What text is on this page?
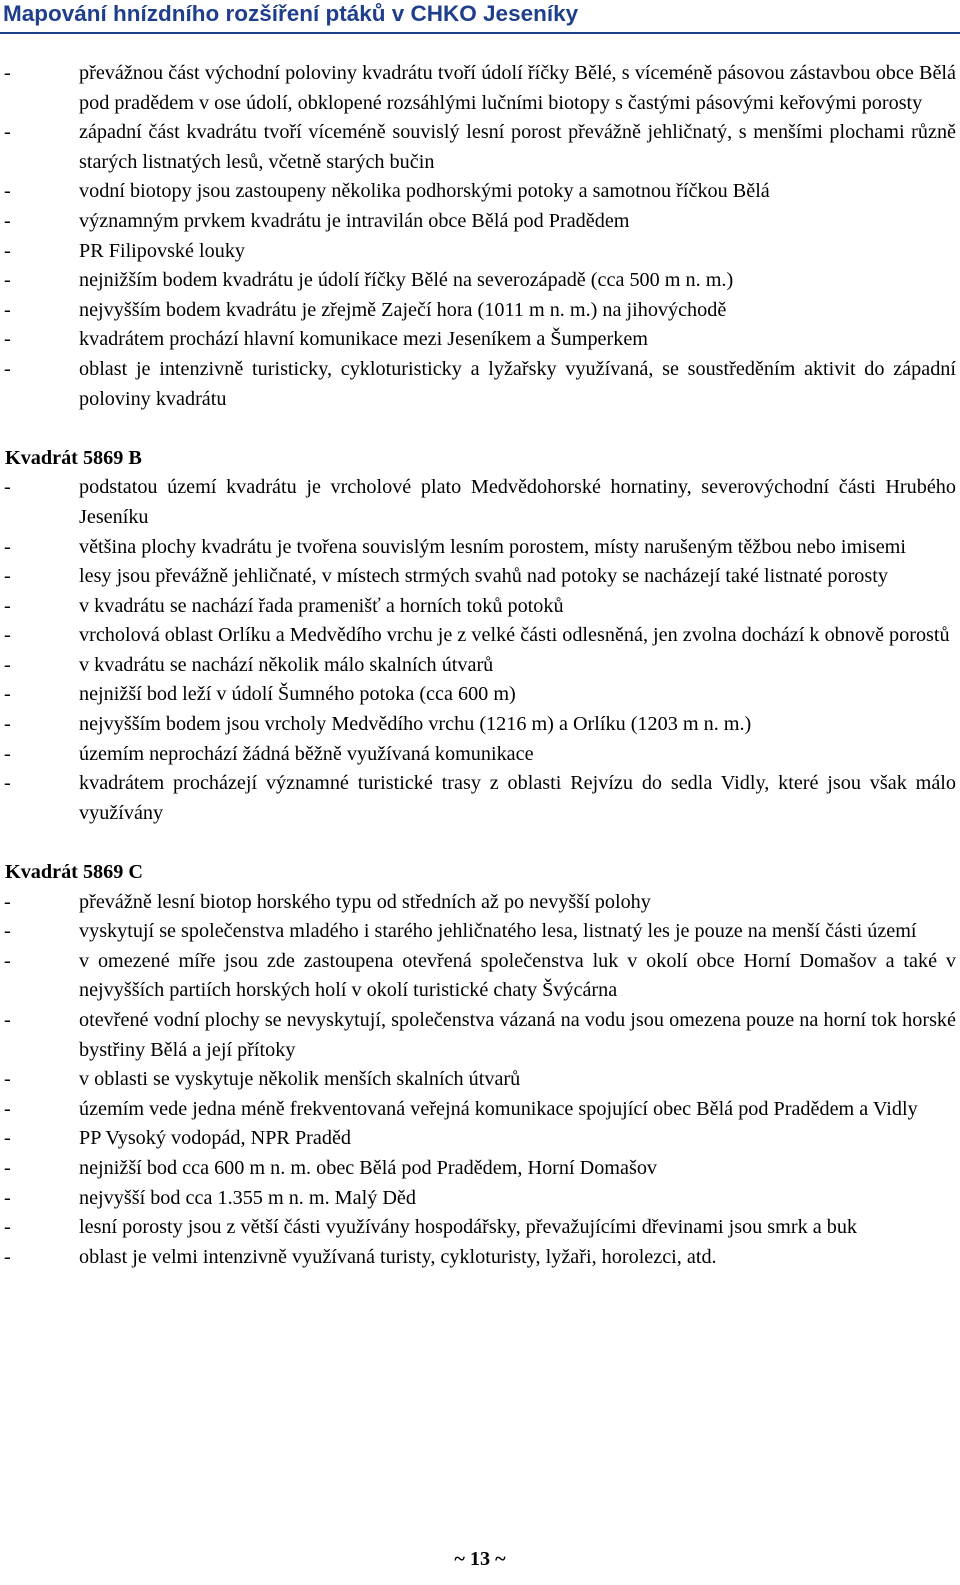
Mapování hnízdního rozšíření ptáků v CHKO Jeseníky
-	převážnou část východní poloviny kvadrátu tvoří údolí říčky Bělé, s víceméně pásovou zástavbou obce Bělá pod pradědem v ose údolí, obklopené rozsáhlými lučními biotopy s častými pásovými keřovými porosty
-	západní část kvadrátu tvoří víceméně souvislý lesní porost převážně jehličnatý, s menšími plochami různě starých listnatých lesů, včetně starých bučin
-	vodní biotopy jsou zastoupeny několika podhorskými potoky a samotnou říčkou Bělá
-	významným prvkem kvadrátu je intravilán obce Bělá pod Pradědem
-	PR Filipovské louky
-	nejnižším bodem kvadrátu je údolí říčky Bělé na severozápadě (cca 500 m n. m.)
-	nejvyšším bodem kvadrátu je zřejmě Zaječí hora (1011 m n. m.) na jihovýchodě
-	kvadrátem prochází hlavní komunikace mezi Jeseníkem a Šumperkem
-	oblast je intenzivně turisticky, cykloturisticky a lyžařsky využívaná, se soustředěním aktivit do západní poloviny kvadrátu
Kvadrát 5869 B
-	podstatou území kvadrátu je vrcholové plato Medvědohorské hornatiny, severovýchodní části Hrubého Jeseníku
-	většina plochy kvadrátu je tvořena souvislým lesním porostem, místy narušeným těžbou nebo imisemi
-	lesy jsou převážně jehličnaté, v místech strmých svahů nad potoky se nacházejí také listnaté porosty
-	v kvadrátu se nachází řada pramenišť a horních toků potoků
-	vrcholová oblast Orlíku a Medvědího vrchu je z velké části odlesněná, jen zvolna dochází k obnově porostů
-	v kvadrátu se nachází několik málo skalních útvarů
-	nejnižší bod leží v údolí Šumného potoka (cca 600 m)
-	nejvyšším bodem jsou vrcholy Medvědího vrchu (1216 m) a Orlíku (1203 m n. m.)
-	územím neprochází žádná běžně využívaná komunikace
-	kvadrátem procházejí významné turistické trasy z oblasti Rejvízu do sedla Vidly, které jsou však málo využívány
Kvadrát 5869 C
-	převážně lesní biotop horského typu od středních až po nevyšší polohy
-	vyskytují se společenstva mladého i starého jehličnatého lesa, listnatý les je pouze na menší části území
-	v omezené míře jsou zde zastoupena otevřená společenstva luk v okolí obce Horní Domašov a také v nejvyšších partiích horských holí v okolí turistické chaty Švýcárna
-	otevřené vodní plochy se nevyskytují, společenstva vázaná na vodu jsou omezena pouze na horní tok horské bystřiny Bělá a její přítoky
-	v oblasti se vyskytuje několik menších skalních útvarů
-	územím vede jedna méně frekventovaná veřejná komunikace spojující obec Bělá pod Pradědem a Vidly
-	PP Vysoký vodopád, NPR Praděd
-	nejnižší bod cca 600 m n. m. obec Bělá pod Pradědem, Horní Domašov
-	nejvyšší bod cca 1.355 m n. m. Malý Děd
-	lesní porosty jsou z větší části využívány hospodářsky, převažujícími dřevinami jsou smrk a buk
-	oblast je velmi intenzivně využívaná turisty, cykloturisty, lyžaři, horolezci, atd.
~ 13 ~
